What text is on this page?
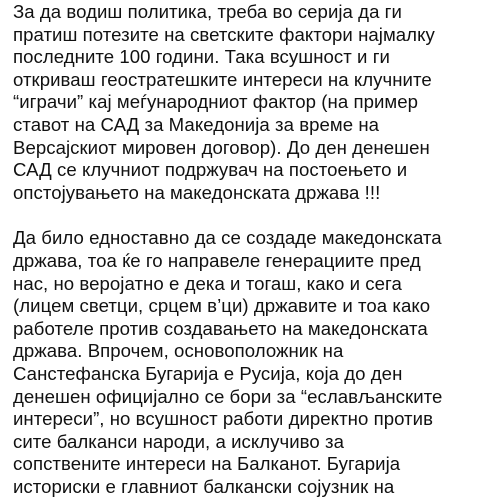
За да водиш политика, треба во серија да ги
пратиш потезите на светските фактори најмалку
последните 100 години. Така всушност и ги
откриваш геостратешките интереси на клучните
“играчи” кај меѓународниот фактор (на пример
ставот на САД за Македонија за време на
Версајскиот мировен договор). До ден денешен
САД се клучниот подржувач на постоењето и
опстојувањето на македонската држава !!!

Да било едноставно да се создаде македонската
држава, тоа ќе го направеле генерациите пред
нас, но веројатно е дека и тогаш, како и сега
(лицем светци, срцем в’ци) државите и тоа како
работеле против создавањето на македонската
држава. Впрочем, основоположник на
Санстефанска Бугарија е Русија, која до ден
денешен официјално се бори за “еслављанските
интереси”, но всушност работи директно против
сите балканси народи, а исклучиво за
сопствените интереси на Балканот. Бугарија
историски е главниот балкански сојузник на
